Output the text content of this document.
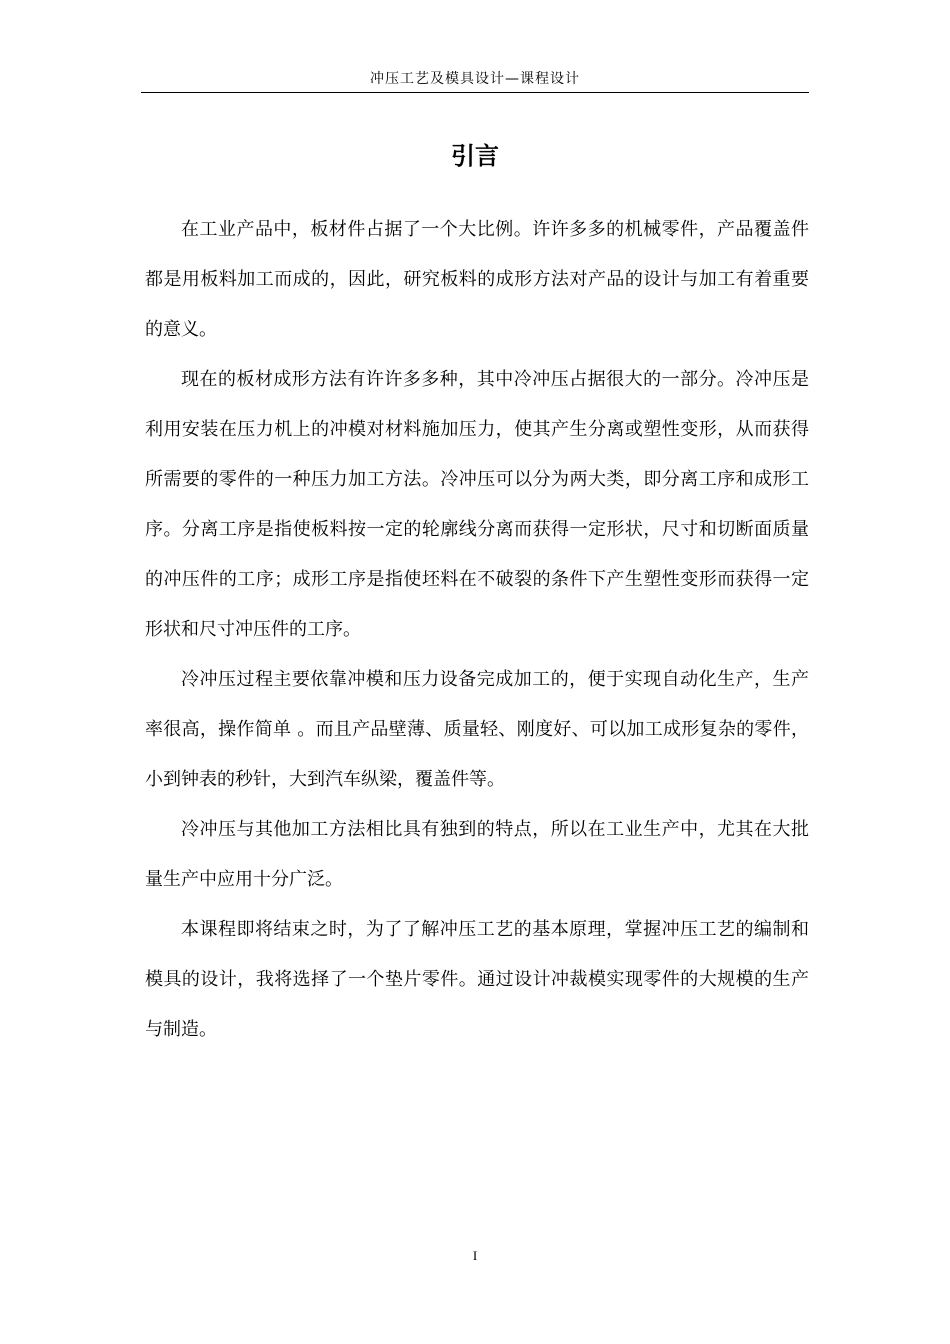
冲压工艺及模具设计—课程设计
引言

在工业产品中，板材件占据了一个大比例。许许多多的机械零件，产品覆盖件都是用板料加工而成的，因此，研究板料的成形方法对产品的设计与加工有着重要的意义。

现在的板材成形方法有许许多多种，其中冷冲压占据很大的一部分。冷冲压是利用安装在压力机上的冲模对材料施加压力，使其产生分离或塑性变形，从而获得所需要的零件的一种压力加工方法。冷冲压可以分为两大类，即分离工序和成形工序。分离工序是指使板料按一定的轮廓线分离而获得一定形状，尺寸和切断面质量的冲压件的工序；成形工序是指使坯料在不破裂的条件下产生塑性变形而获得一定形状和尺寸冲压件的工序。

冷冲压过程主要依靠冲模和压力设备完成加工的，便于实现自动化生产，生产率很高，操作简单 。而且产品壁薄、质量轻、刚度好、可以加工成形复杂的零件，小到钟表的秒针，大到汽车纵梁，覆盖件等。

冷冲压与其他加工方法相比具有独到的特点，所以在工业生产中，尤其在大批量生产中应用十分广泛。

本课程即将结束之时，为了了解冲压工艺的基本原理，掌握冲压工艺的编制和模具的设计，我将选择了一个垫片零件。通过设计冲裁模实现零件的大规模的生产与制造。

I
